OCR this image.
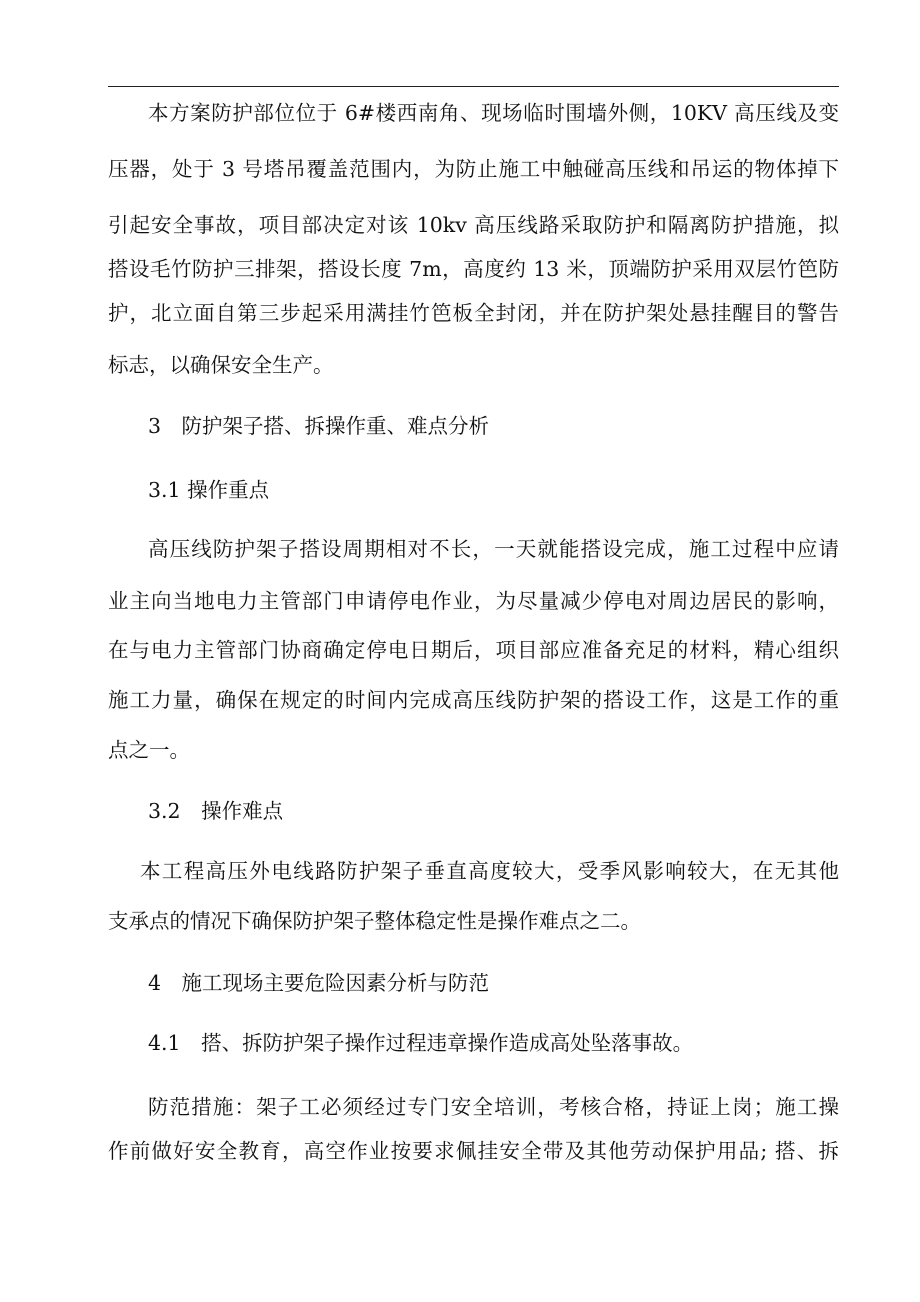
本方案防护部位位于 6#楼西南角、现场临时围墙外侧，10KV 高压线及变
压器，处于 3 号塔吊覆盖范围内，为防止施工中触碰高压线和吊运的物体掉下
引起安全事故，项目部决定对该 10kv 高压线路采取防护和隔离防护措施，拟
搭设毛竹防护三排架，搭设长度 7m，高度约 13 米，顶端防护采用双层竹笆防
护，北立面自第三步起采用满挂竹笆板全封闭，并在防护架处悬挂醒目的警告
标志，以确保安全生产。
3　防护架子搭、拆操作重、难点分析
3.1 操作重点
高压线防护架子搭设周期相对不长，一天就能搭设完成，施工过程中应请
业主向当地电力主管部门申请停电作业，为尽量减少停电对周边居民的影响，
在与电力主管部门协商确定停电日期后，项目部应准备充足的材料，精心组织
施工力量，确保在规定的时间内完成高压线防护架的搭设工作，这是工作的重
点之一。
3.2　操作难点
本工程高压外电线路防护架子垂直高度较大，受季风影响较大，在无其他
支承点的情况下确保防护架子整体稳定性是操作难点之二。
4　施工现场主要危险因素分析与防范
4.1　搭、拆防护架子操作过程违章操作造成高处坠落事故。
防范措施：架子工必须经过专门安全培训，考核合格，持证上岗；施工操
作前做好安全教育，高空作业按要求佩挂安全带及其他劳动保护用品; 搭、拆
